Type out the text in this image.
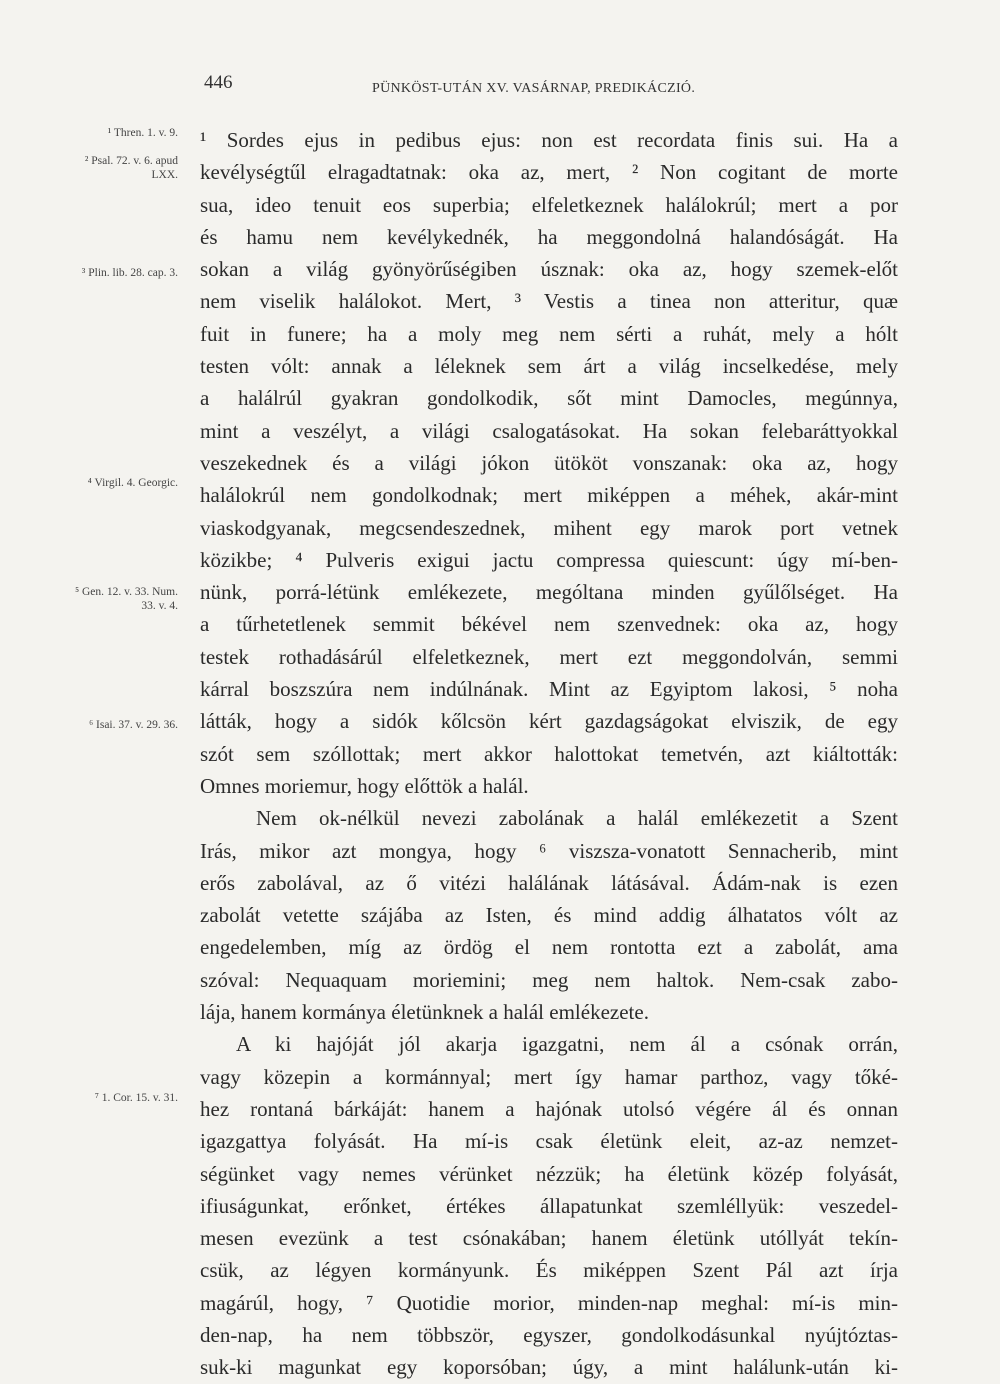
446	PÜNKÖST-UTÁN XV. VASÁRNAP, PREDIKÁCZIÓ.
¹ Thren. 1. v. 9.
² Psal. 72. v. 6. apud LXX.
³ Plin. lib. 28. cap. 3.
⁴ Virgil. 4. Georgic.
⁵ Gen. 12. v. 33. Num. 33. v. 4.
⁶ Isai. 37. v. 29. 36.
⁷ 1. Cor. 15. v. 31.
¹ Sordes ejus in pedibus ejus: non est recordata finis sui. Ha a
kevélységtűl elragadtatnak: oka az, mert, ² Non cogitant de morte
sua, ideo tenuit eos superbia; elfeletkeznek halálokrúl; mert a por
és hamu nem kevélykednék, ha meggondolná halandóságát. Ha
sokan a világ gyönyörűségiben úsznak: oka az, hogy szemek-előt
nem viselik halálokot. Mert, ³ Vestis a tinea non atteritur, quæ
fuit in funere; ha a moly meg nem sérti a ruhát, mely a hólt
testen vólt: annak a léleknek sem árt a világ incselkedése, mely
a halálrúl gyakran gondolkodik, sőt mint Damocles, megúnnya,
mint a veszélyt, a világi csalogatásokat. Ha sokan felebaráttyokkal
veszekednek és a világi jókon ütököt vonszanak: oka az, hogy
halálokrúl nem gondolkodnak; mert miképpen a méhek, akár-mint
viaskodgyanak, megcsendeszednek, mihent egy marok port vetnek
közikbe; ⁴ Pulveris exigui jactu compressa quiescunt: úgy mí-ben-
nünk, porrá-létünk emlékezete, mególtana minden gyűlőlséget. Ha
a tűrhetetlenek semmit békével nem szenvednek: oka az, hogy
testek rothadásárúl elfeletkeznek, mert ezt meggondolván, semmi
kárral boszszúra nem indúlnának. Mint az Egyiptom lakosi, ⁵ noha
látták, hogy a sidók kőlcsön kért gazdagságokat elviszik, de egy
szót sem szóllottak; mert akkor halottokat temetvén, azt kiáltották:
Omnes moriemur, hogy előttök a halál.
Nem ok-nélkül nevezi zabolának a halál emlékezetit a Szent
Irás, mikor azt mongya, hogy ⁶ viszsza-vonatott Sennacherib, mint
erős zabolával, az ő vitézi halálának látásával. Ádám-nak is ezen
zabolát vetette szájába az Isten, és mind addig álhatatos vólt az
engedelemben, míg az ördög el nem rontotta ezt a zabolát, ama
szóval: Nequaquam moriemini; meg nem haltok. Nem-csak zabo-
lája, hanem kormánya életünknek a halál emlékezete.
A ki hajóját jól akarja igazgatni, nem ál a csónak orrán,
vagy közepin a kormánnyal; mert így hamar parthoz, vagy tőké-
hez rontaná bárkáját: hanem a hajónak utolsó végére ál és onnan
igazgattya folyását. Ha mí-is csak életünk eleit, az-az nemzet-
ségünket vagy nemes vérünket nézzük; ha életünk közép folyását,
ifiuságunkat, erőnket, értékes állapatunkat szemléllyük: veszedel-
mesen evezünk a test csónakában; hanem életünk utóllyát tekín-
csük, az légyen kormányunk. És miképpen Szent Pál azt írja
magárúl, hogy, ⁷ Quotidie morior, minden-nap meghal: mí-is min-
den-nap, ha nem többször, egyszer, gondolkodásunkal nyújtóztas-
suk-ki magunkat egy koporsóban; úgy, a mint halálunk-után ki-
